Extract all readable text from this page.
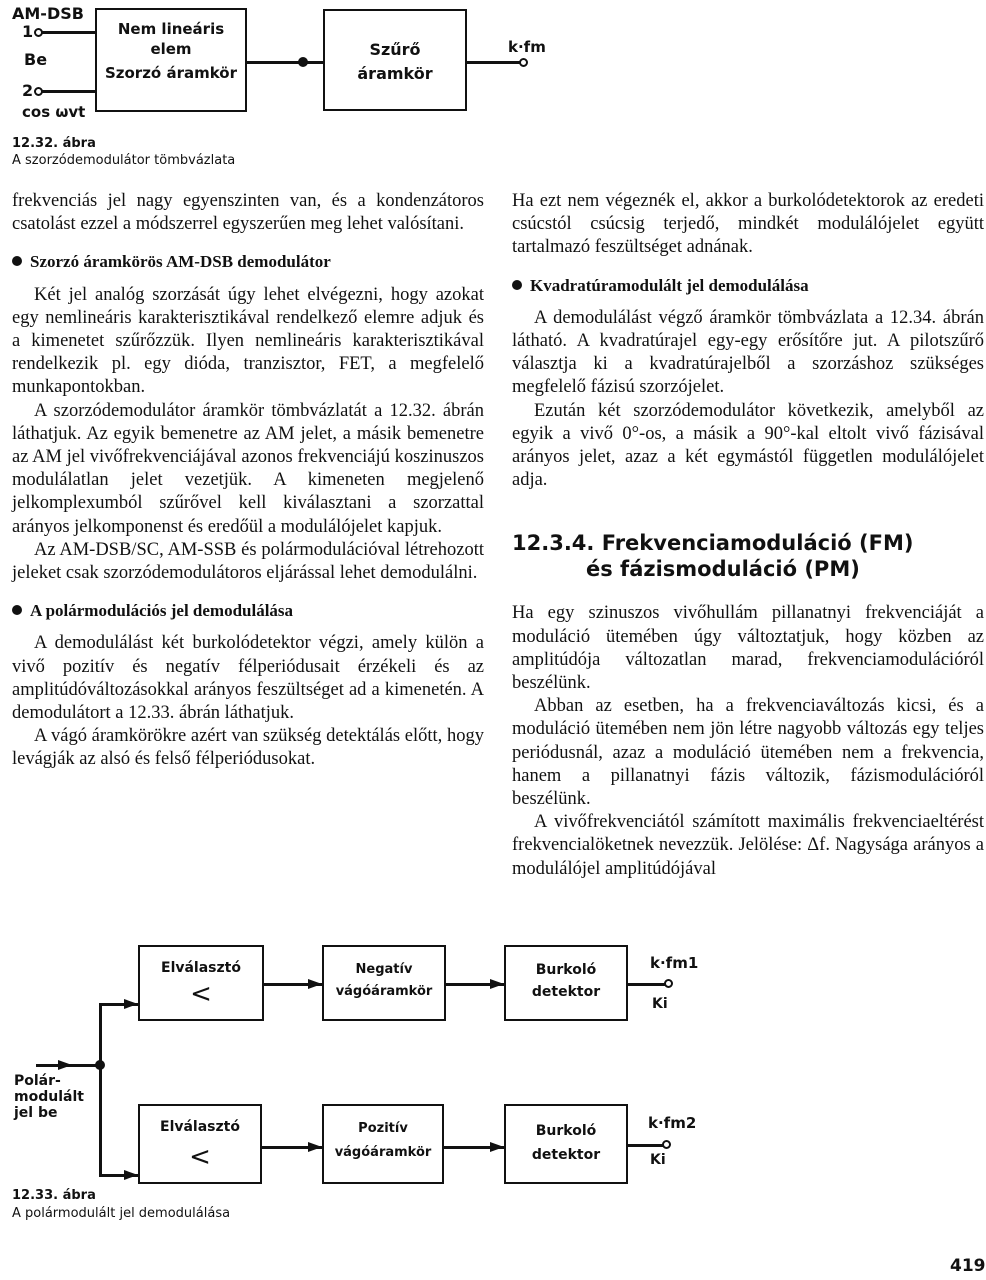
AM-DSB
1
Be
2
cos ωvt
Nem lineáris
elem
Szorzó áramkör
Szűrő
áramkör
k·fm
12.32. ábra
A szorzódemodulátor tömbvázlata

frekvenciás jel nagy egyenszinten van, és a kondenzátoros csatolást ezzel a módszerrel egyszerűen meg lehet valósítani.

Szorzó áramkörös AM-DSB demodulátor

Két jel analóg szorzását úgy lehet elvégezni, hogy azokat egy nemlineáris karakterisztikával rendelkező elemre adjuk és a kimenetet szűrőzzük. Ilyen nemlineáris karakterisztikával rendelkezik pl. egy dióda, tranzisztor, FET, a megfelelő munkapontokban.

A szorzódemodulátor áramkör tömbvázlatát a 12.32. ábrán láthatjuk. Az egyik bemenetre az AM jelet, a másik bemenetre az AM jel vivőfrekvenciájával azonos frekvenciájú koszinuszos modulálatlan jelet vezetjük. A kimeneten megjelenő jelkomplexumból szűrővel kell kiválasztani a szorzattal arányos jelkomponenst és eredőül a modulálójelet kapjuk.

Az AM-DSB/SC, AM-SSB és polármodulációval létrehozott jeleket csak szorzódemodulátoros eljárással lehet demodulálni.

A polármodulációs jel demodulálása

A demodulálást két burkolódetektor végzi, amely külön a vivő pozitív és negatív félperiódusait érzékeli és az amplitúdóváltozásokkal arányos feszültséget ad a kimenetén. A demodulátort a 12.33. ábrán láthatjuk.

A vágó áramkörökre azért van szükség detektálás előtt, hogy levágják az alsó és felső félperiódusokat.

Ha ezt nem végeznék el, akkor a burkolódetektorok az eredeti csúcstól csúcsig terjedő, mindkét modulálójelet együtt tartalmazó feszültséget adnának.

Kvadratúramodulált jel demodulálása

A demodulálást végző áramkör tömbvázlata a 12.34. ábrán látható. A kvadratúrajel egy-egy erősítőre jut. A pilotszűrő választja ki a kvadratúrajelből a szorzáshoz szükséges megfelelő fázisú szorzójelet.

Ezután két szorzódemodulátor következik, amelyből az egyik a vivő 0°-os, a másik a 90°-kal eltolt vivő fázisával arányos jelet, azaz a két egymástól független modulálójelet adja.

12.3.4. Frekvenciamoduláció (FM)
és fázismoduláció (PM)

Ha egy szinuszos vivőhullám pillanatnyi frekvenciáját a moduláció ütemében úgy változtatjuk, hogy közben az amplitúdója változatlan marad, frekvenciamodulációról beszélünk.

Abban az esetben, ha a frekvenciaváltozás kicsi, és a moduláció ütemében nem jön létre nagyobb változás egy teljes periódusnál, azaz a moduláció ütemében nem a frekvencia, hanem a pillanatnyi fázis változik, fázismodulációról beszélünk.

A vivőfrekvenciától számított maximális frekvenciaeltérést frekvencialöketnek nevezzük. Jelölése: Δf. Nagysága arányos a modulálójel amplitúdójával

Polár-
modulált
jel be
Elválasztó
<
Negatív
vágóáramkör
Burkoló
detektor
k·fm1
Ki
Elválasztó
<
Pozitív
vágóáramkör
Burkoló
detektor
k·fm2
Ki
12.33. ábra
A polármodulált jel demodulálása
419
